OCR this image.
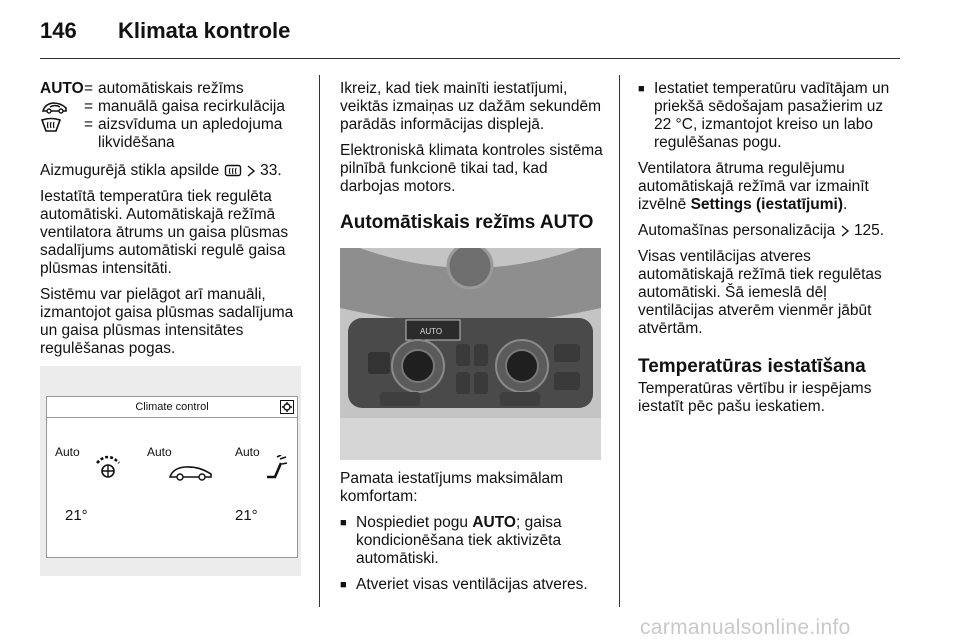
146 Klimata kontrole
AUTO	=	automātiskais režīms
	=	manuālā gaisa recirkulācija
	=	aizsvīduma un apledojuma likvidēšana

Aizmugurējā stikla apsilde	33.

Iestatītā temperatūra tiek regulēta automātiski. Automātiskajā režīmā ventilatora ātrums un gaisa plūsmas sadalījums automātiski regulē gaisa plūsmas intensitāti.

Sistēmu var pielāgot arī manuāli, izmantojot gaisa plūsmas sadalījuma un gaisa plūsmas intensitātes regulēšanas pogas.

Climate control
Auto	Auto	Auto
21°	21°

Ikreiz, kad tiek mainīti iestatījumi, veiktās izmaiņas uz dažām sekundēm parādās informācijas displejā.

Elektroniskā klimata kontroles sistēma pilnībā funkcionē tikai tad, kad darbojas motors.

Automātiskais režīms AUTO
AUTO

Pamata iestatījums maksimālam komfortam:

■ Nospiediet pogu AUTO; gaisa kondicionēšana tiek aktivizēta automātiski.
■ Atveriet visas ventilācijas atveres.
■ Iestatiet temperatūru vadītājam un priekšā sēdošajam pasažierim uz 22 °C, izmantojot kreiso un labo regulēšanas pogu.

Ventilatora ātruma regulējumu automātiskajā režīmā var izmainīt izvēlnē Settings (iestatījumi).

Automašīnas personalizācija 125.

Visas ventilācijas atveres automātiskajā režīmā tiek regulētas automātiski. Šā iemeslā dēļ ventilācijas atverēm vienmēr jābūt atvērtām.

Temperatūras iestatīšana

Temperatūras vērtību ir iespējams iestatīt pēc pašu ieskatiem.

carmanualsonline.info
